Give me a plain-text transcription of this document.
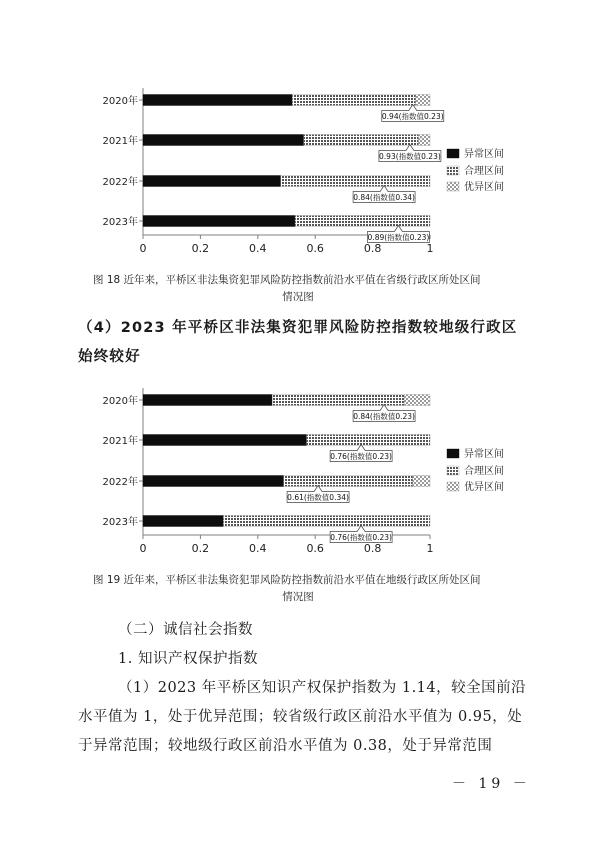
0	0.2	0.4	0.6	0.8	1
2020年
0.94(指数值0.23)
2021年
0.93(指数值0.23)
2022年
0.84(指数值0.34)
2023年
0.89(指数值0.23)
异常区间
合理区间
优异区间
图 18 近年来，平桥区非法集资犯罪风险防控指数前沿水平值在省级行政区所处区间
情况图
（4）2023 年平桥区非法集资犯罪风险防控指数较地级行政区始终较好
0	0.2	0.4	0.6	0.8	1
2020年
0.84(指数值0.23)
2021年
0.76(指数值0.23)
2022年
0.61(指数值0.34)
2023年
0.76(指数值0.23)
异常区间
合理区间
优异区间
图 19 近年来，平桥区非法集资犯罪风险防控指数前沿水平值在地级行政区所处区间
情况图
（二）诚信社会指数
1. 知识产权保护指数
（1）2023 年平桥区知识产权保护指数为 1.14，较全国前沿水平值为 1，处于优异范围；较省级行政区前沿水平值为 0.95，处于异常范围；较地级行政区前沿水平值为 0.38，处于异常范围
－ 19 －
